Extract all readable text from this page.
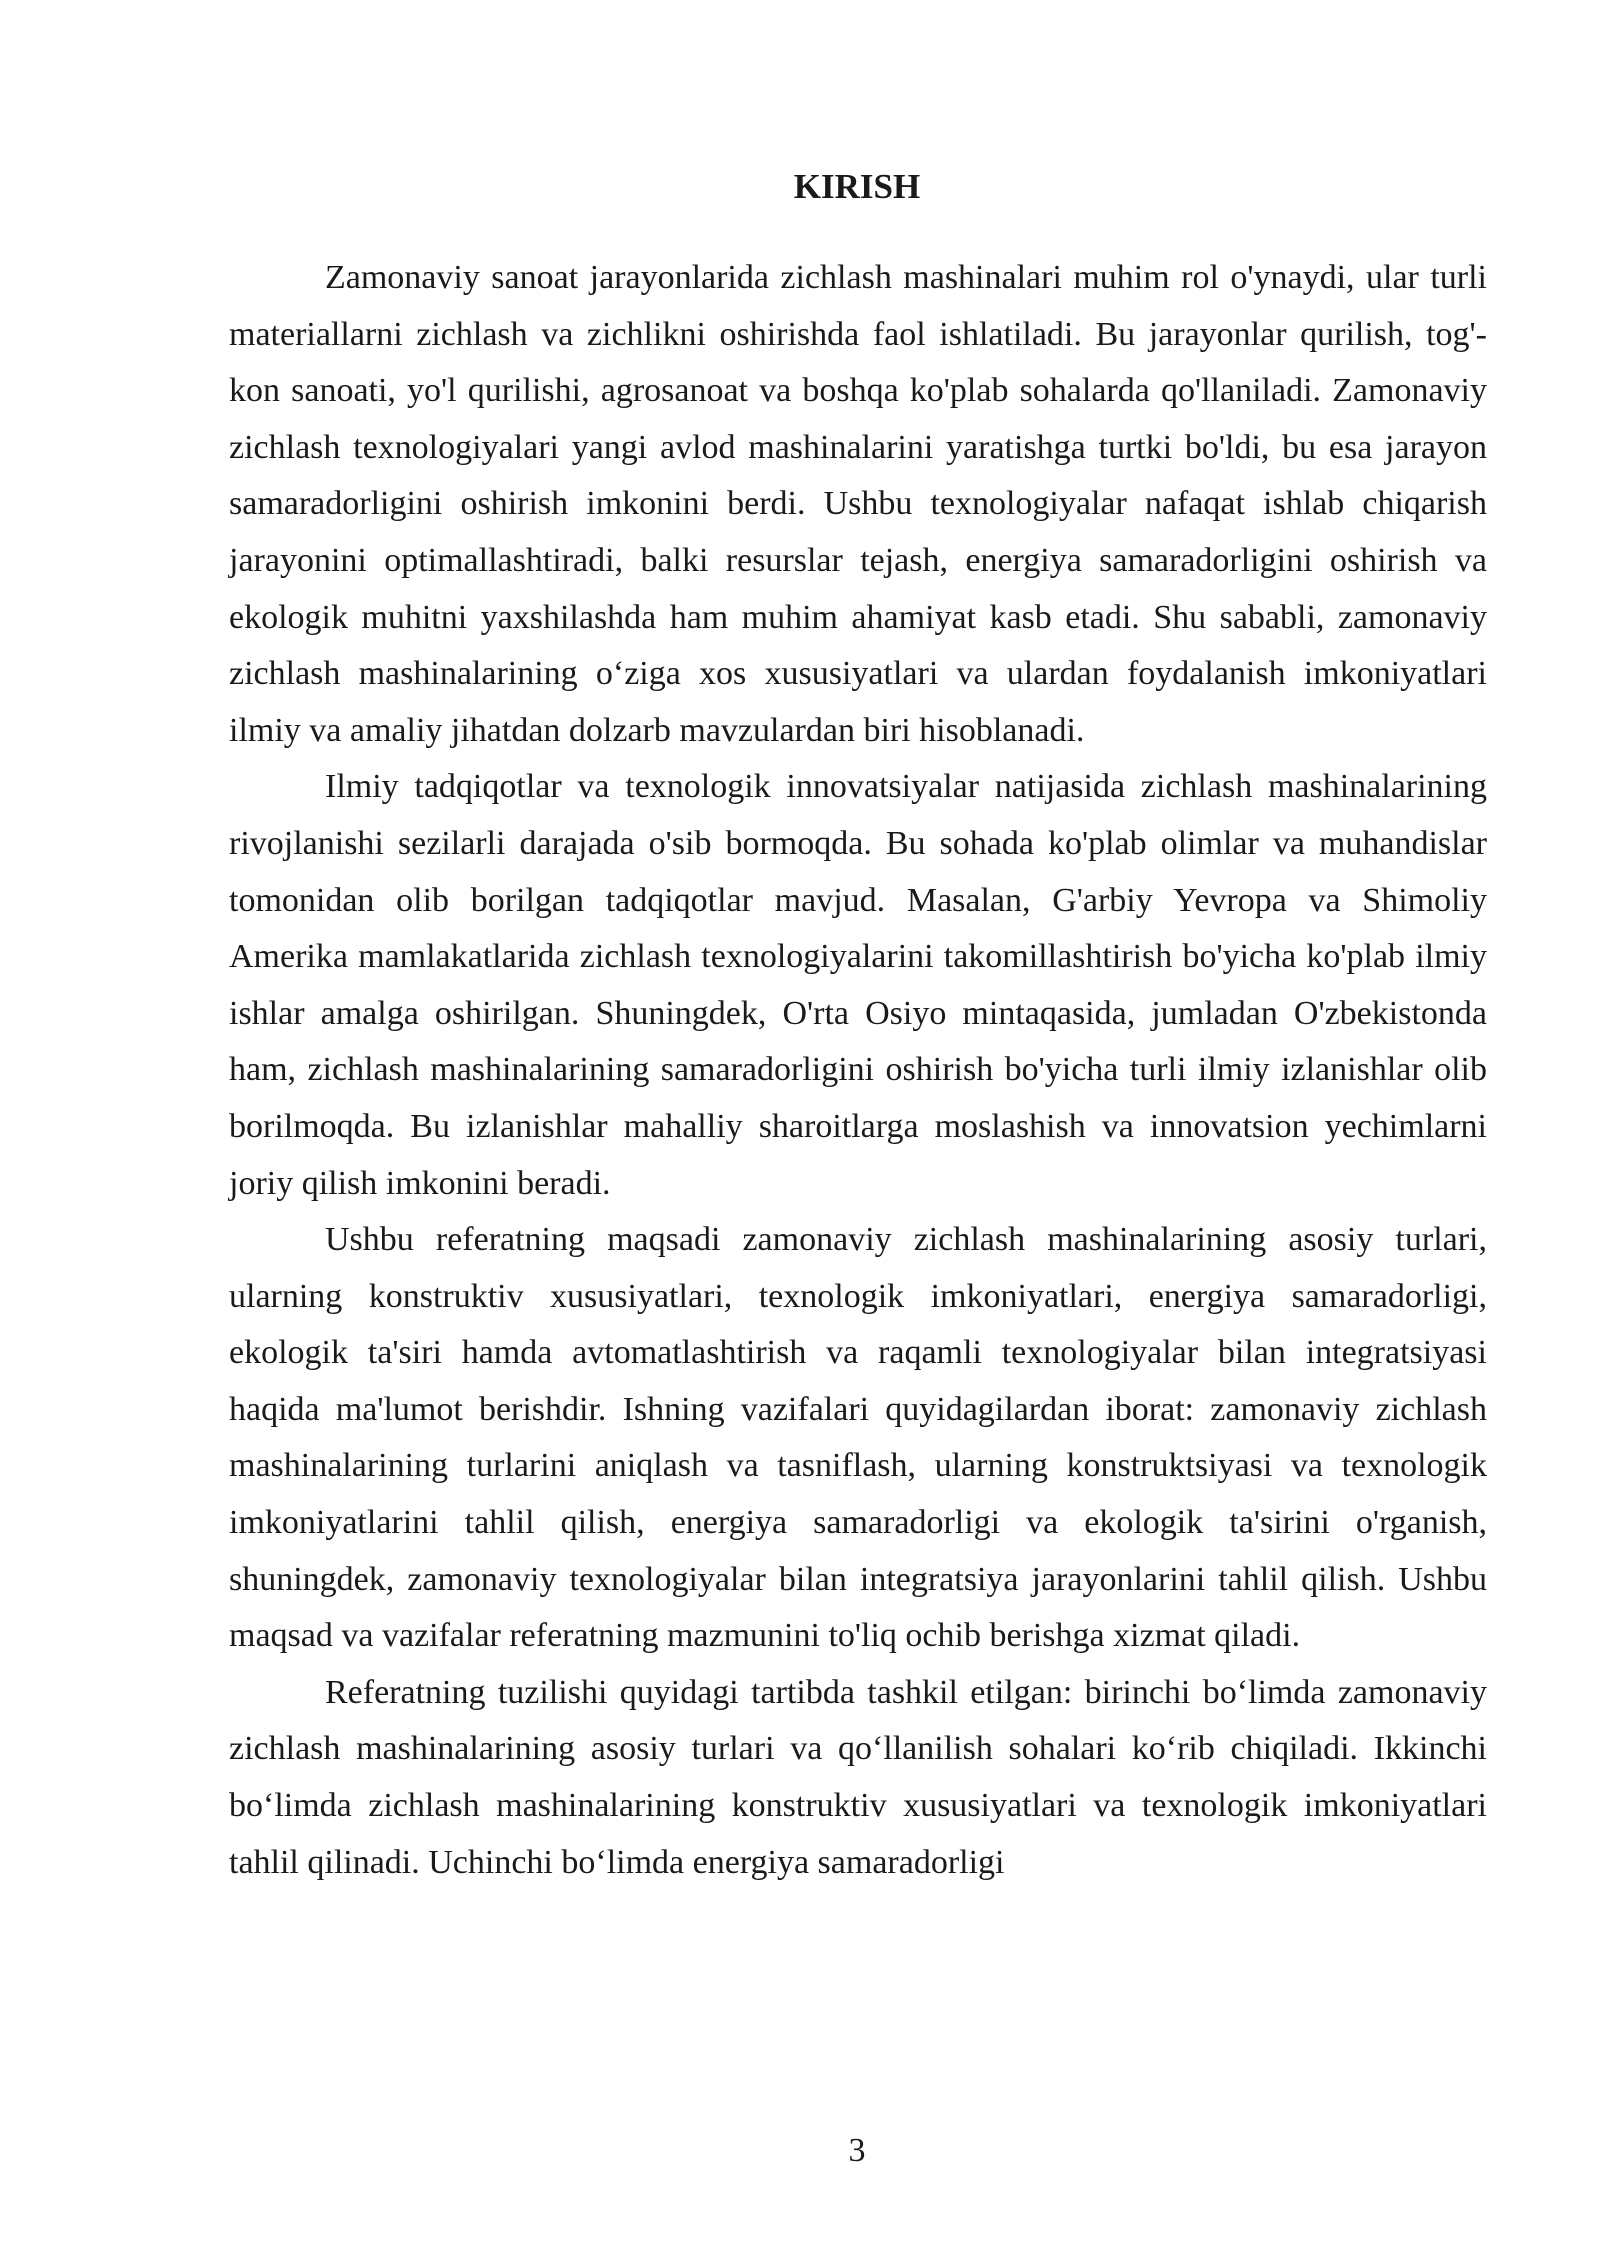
KIRISH

Zamonaviy sanoat jarayonlarida zichlash mashinalari muhim rol o'ynaydi, ular turli materiallarni zichlash va zichlikni oshirishda faol ishlatiladi. Bu jarayonlar qurilish, tog'-kon sanoati, yo'l qurilishi, agrosanoat va boshqa ko'plab sohalarda qo'llaniladi. Zamonaviy zichlash texnologiyalari yangi avlod mashinalarini yaratishga turtki bo'ldi, bu esa jarayon samaradorligini oshirish imkonini berdi. Ushbu texnologiyalar nafaqat ishlab chiqarish jarayonini optimallashtiradi, balki resurslar tejash, energiya samaradorligini oshirish va ekologik muhitni yaxshilashda ham muhim ahamiyat kasb etadi. Shu sababli, zamonaviy zichlash mashinalarining o‘ziga xos xususiyatlari va ulardan foydalanish imkoniyatlari ilmiy va amaliy jihatdan dolzarb mavzulardan biri hisoblanadi.

Ilmiy tadqiqotlar va texnologik innovatsiyalar natijasida zichlash mashinalarining rivojlanishi sezilarli darajada o'sib bormoqda. Bu sohada ko'plab olimlar va muhandislar tomonidan olib borilgan tadqiqotlar mavjud. Masalan, G'arbiy Yevropa va Shimoliy Amerika mamlakatlarida zichlash texnologiyalarini takomillashtirish bo'yicha ko'plab ilmiy ishlar amalga oshirilgan. Shuningdek, O'rta Osiyo mintaqasida, jumladan O'zbekistonda ham, zichlash mashinalarining samaradorligini oshirish bo'yicha turli ilmiy izlanishlar olib borilmoqda. Bu izlanishlar mahalliy sharoitlarga moslashish va innovatsion yechimlarni joriy qilish imkonini beradi.

Ushbu referatning maqsadi zamonaviy zichlash mashinalarining asosiy turlari, ularning konstruktiv xususiyatlari, texnologik imkoniyatlari, energiya samaradorligi, ekologik ta'siri hamda avtomatlashtirish va raqamli texnologiyalar bilan integratsiyasi haqida ma'lumot berishdir. Ishning vazifalari quyidagilardan iborat: zamonaviy zichlash mashinalarining turlarini aniqlash va tasniflash, ularning konstruktsiyasi va texnologik imkoniyatlarini tahlil qilish, energiya samaradorligi va ekologik ta'sirini o'rganish, shuningdek, zamonaviy texnologiyalar bilan integratsiya jarayonlarini tahlil qilish. Ushbu maqsad va vazifalar referatning mazmunini to'liq ochib berishga xizmat qiladi.

Referatning tuzilishi quyidagi tartibda tashkil etilgan: birinchi bo‘limda zamonaviy zichlash mashinalarining asosiy turlari va qo‘llanilish sohalari ko‘rib chiqiladi. Ikkinchi bo‘limda zichlash mashinalarining konstruktiv xususiyatlari va texnologik imkoniyatlari tahlil qilinadi. Uchinchi bo‘limda energiya samaradorligi

3
